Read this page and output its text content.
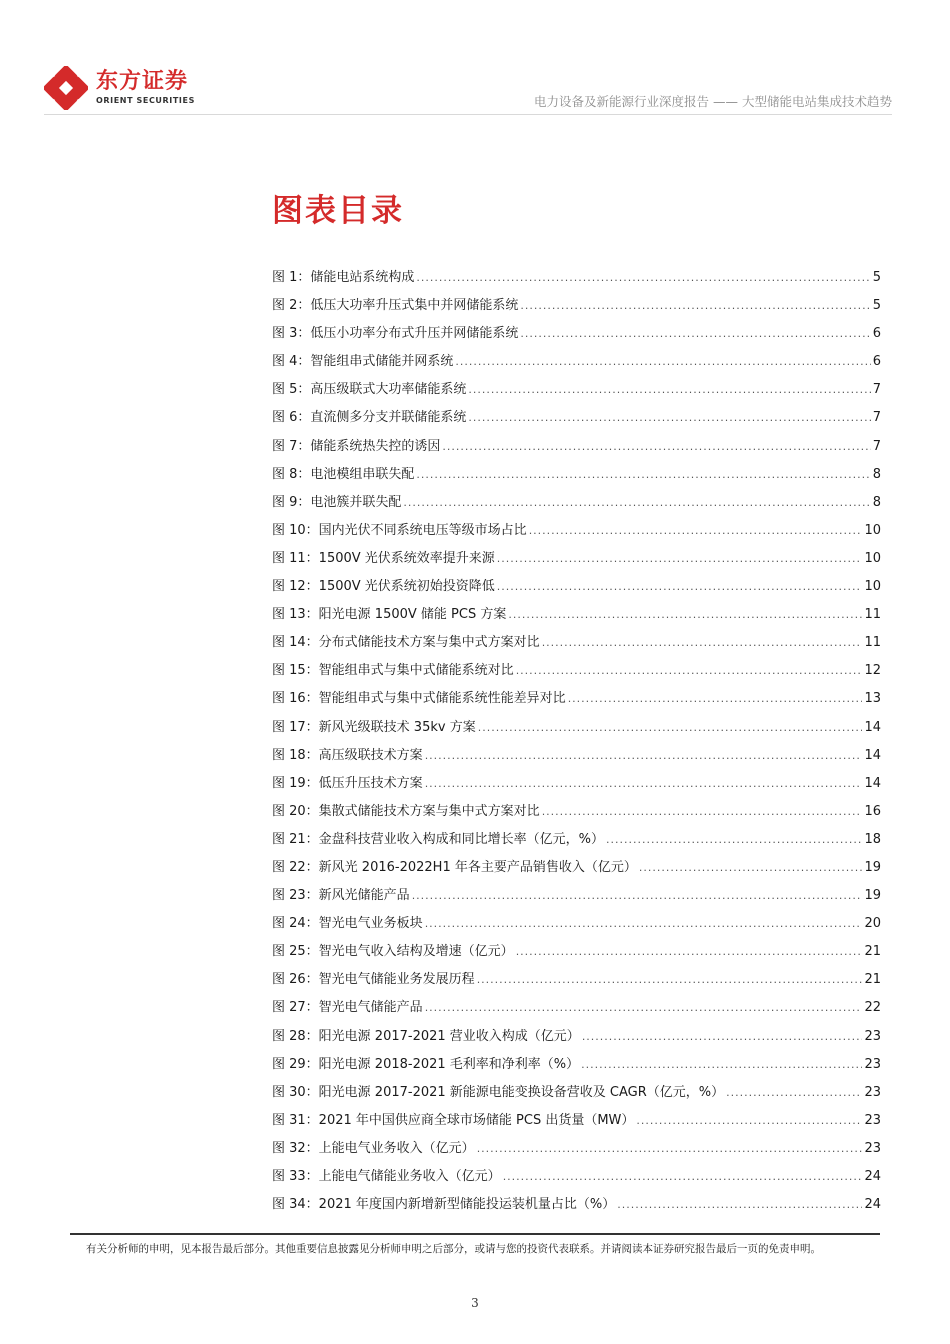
东方证券
ORIENT SECURITIES	电力设备及新能源行业深度报告 —— 大型储能电站集成技术趋势
图表目录
图 1：储能电站系统构成 .....	5
图 2：低压大功率升压式集中并网储能系统 .....	5
图 3：低压小功率分布式升压并网储能系统 .....	6
图 4：智能组串式储能并网系统 .....	6
图 5：高压级联式大功率储能系统 .....	7
图 6：直流侧多分支并联储能系统 .....	7
图 7：储能系统热失控的诱因 .....	7
图 8：电池模组串联失配 .....	8
图 9：电池簇并联失配 .....	8
图 10：国内光伏不同系统电压等级市场占比 .....	10
图 11：1500V 光伏系统效率提升来源 .....	10
图 12：1500V 光伏系统初始投资降低 .....	10
图 13：阳光电源 1500V 储能 PCS 方案 .....	11
图 14：分布式储能技术方案与集中式方案对比 .....	11
图 15：智能组串式与集中式储能系统对比 .....	12
图 16：智能组串式与集中式储能系统性能差异对比 .....	13
图 17：新风光级联技术 35kv 方案 .....	14
图 18：高压级联技术方案 .....	14
图 19：低压升压技术方案 .....	14
图 20：集散式储能技术方案与集中式方案对比 .....	16
图 21：金盘科技营业收入构成和同比增长率（亿元，%） .....	18
图 22：新风光 2016-2022H1 年各主要产品销售收入（亿元） .....	19
图 23：新风光储能产品 .....	19
图 24：智光电气业务板块 .....	20
图 25：智光电气收入结构及增速（亿元） .....	21
图 26：智光电气储能业务发展历程 .....	21
图 27：智光电气储能产品 .....	22
图 28：阳光电源 2017-2021 营业收入构成（亿元） .....	23
图 29：阳光电源 2018-2021 毛利率和净利率（%） .....	23
图 30：阳光电源 2017-2021 新能源电能变换设备营收及 CAGR（亿元，%） .....	23
图 31：2021 年中国供应商全球市场储能 PCS 出货量（MW） .....	23
图 32：上能电气业务收入（亿元） .....	23
图 33：上能电气储能业务收入（亿元） .....	24
图 34：2021 年度国内新增新型储能投运装机量占比（%） .....	24
有关分析师的申明，见本报告最后部分。其他重要信息披露见分析师申明之后部分，或请与您的投资代表联系。并请阅读本证券研究报告最后一页的免责申明。
3
